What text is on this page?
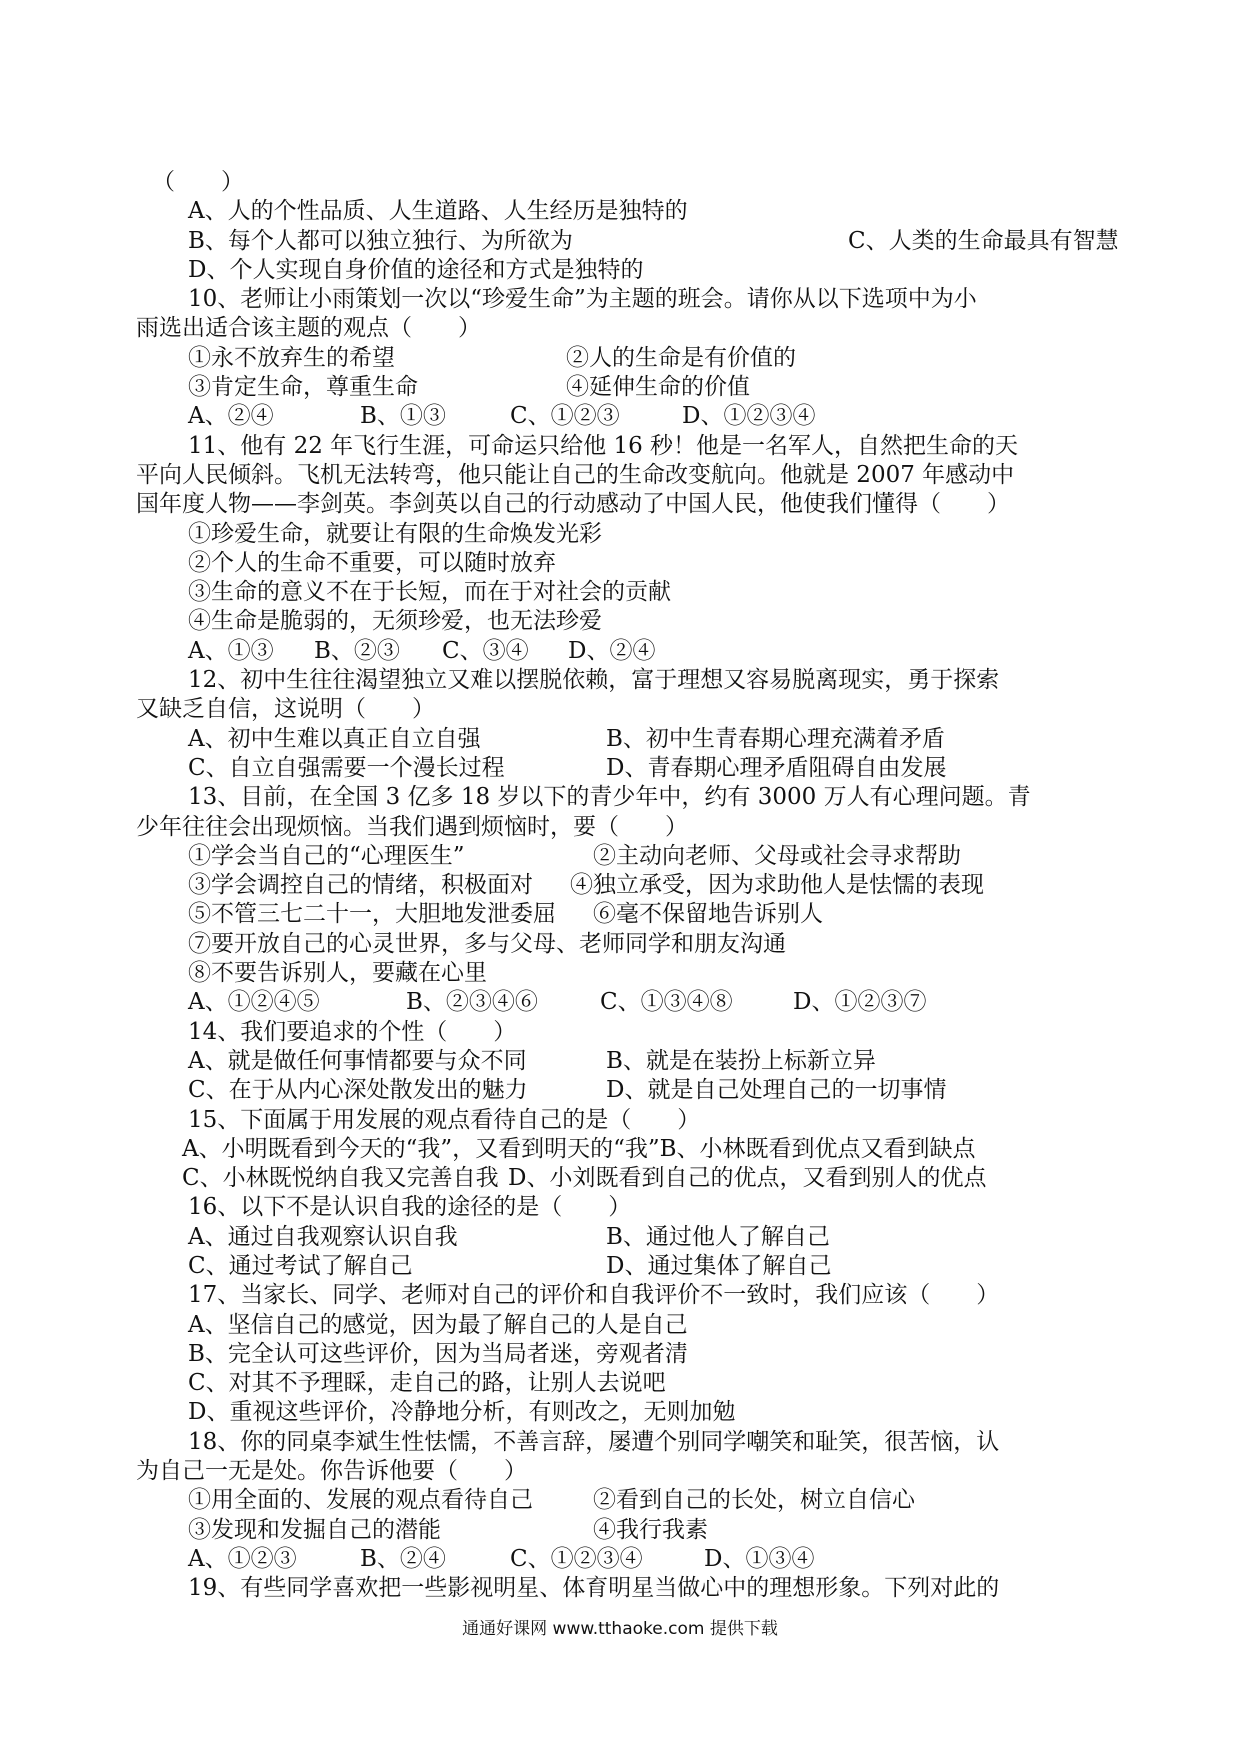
（　　）
A、人的个性品质、人生道路、人生经历是独特的
B、每个人都可以独立独行、为所欲为	C、人类的生命最具有智慧
D、个人实现自身价值的途径和方式是独特的
10、老师让小雨策划一次以“珍爱生命”为主题的班会。请你从以下选项中为小
雨选出适合该主题的观点（　　）
①永不放弃生的希望	②人的生命是有价值的
③肯定生命，尊重生命	④延伸生命的价值
A、②④	B、①③	C、①②③	D、①②③④
11、他有 22 年飞行生涯，可命运只给他 16 秒！他是一名军人，自然把生命的天
平向人民倾斜。飞机无法转弯，他只能让自己的生命改变航向。他就是 2007 年感动中
国年度人物——李剑英。李剑英以自己的行动感动了中国人民，他使我们懂得（　　）
①珍爱生命，就要让有限的生命焕发光彩
②个人的生命不重要，可以随时放弃
③生命的意义不在于长短，而在于对社会的贡献
④生命是脆弱的，无须珍爱，也无法珍爱
A、①③ B、②③ C、③④ D、②④
12、初中生往往渴望独立又难以摆脱依赖，富于理想又容易脱离现实，勇于探索
又缺乏自信，这说明（　　）
A、初中生难以真正自立自强	B、初中生青春期心理充满着矛盾
C、自立自强需要一个漫长过程	D、青春期心理矛盾阻碍自由发展
13、目前，在全国 3 亿多 18 岁以下的青少年中，约有 3000 万人有心理问题。青
少年往往会出现烦恼。当我们遇到烦恼时，要（　　）
①学会当自己的“心理医生”	②主动向老师、父母或社会寻求帮助
③学会调控自己的情绪，积极面对 ④独立承受，因为求助他人是怯懦的表现
⑤不管三七二十一，大胆地发泄委屈 ⑥毫不保留地告诉别人
⑦要开放自己的心灵世界，多与父母、老师同学和朋友沟通
⑧不要告诉别人，要藏在心里
A、①②④⑤	B、②③④⑥	C、①③④⑧	D、①②③⑦
14、我们要追求的个性（　　）
A、就是做任何事情都要与众不同	B、就是在装扮上标新立异
C、在于从内心深处散发出的魅力	D、就是自己处理自己的一切事情
15、下面属于用发展的观点看待自己的是（　　）
A、小明既看到今天的“我”，又看到明天的“我”B、小林既看到优点又看到缺点
C、小林既悦纳自我又完善自我 D、小刘既看到自己的优点，又看到别人的优点
16、以下不是认识自我的途径的是（　　）
A、通过自我观察认识自我	B、通过他人了解自己
C、通过考试了解自己	D、通过集体了解自己
17、当家长、同学、老师对自己的评价和自我评价不一致时，我们应该（　　）
A、坚信自己的感觉，因为最了解自己的人是自己
B、完全认可这些评价，因为当局者迷，旁观者清
C、对其不予理睬，走自己的路，让别人去说吧
D、重视这些评价，冷静地分析，有则改之，无则加勉
18、你的同桌李斌生性怯懦，不善言辞，屡遭个别同学嘲笑和耻笑，很苦恼，认
为自己一无是处。你告诉他要（　　）
①用全面的、发展的观点看待自己	②看到自己的长处，树立自信心
③发现和发掘自己的潜能	④我行我素
A、①②③	B、②④	C、①②③④	D、①③④
19、有些同学喜欢把一些影视明星、体育明星当做心中的理想形象。下列对此的
通通好课网 www.tthaoke.com 提供下载
